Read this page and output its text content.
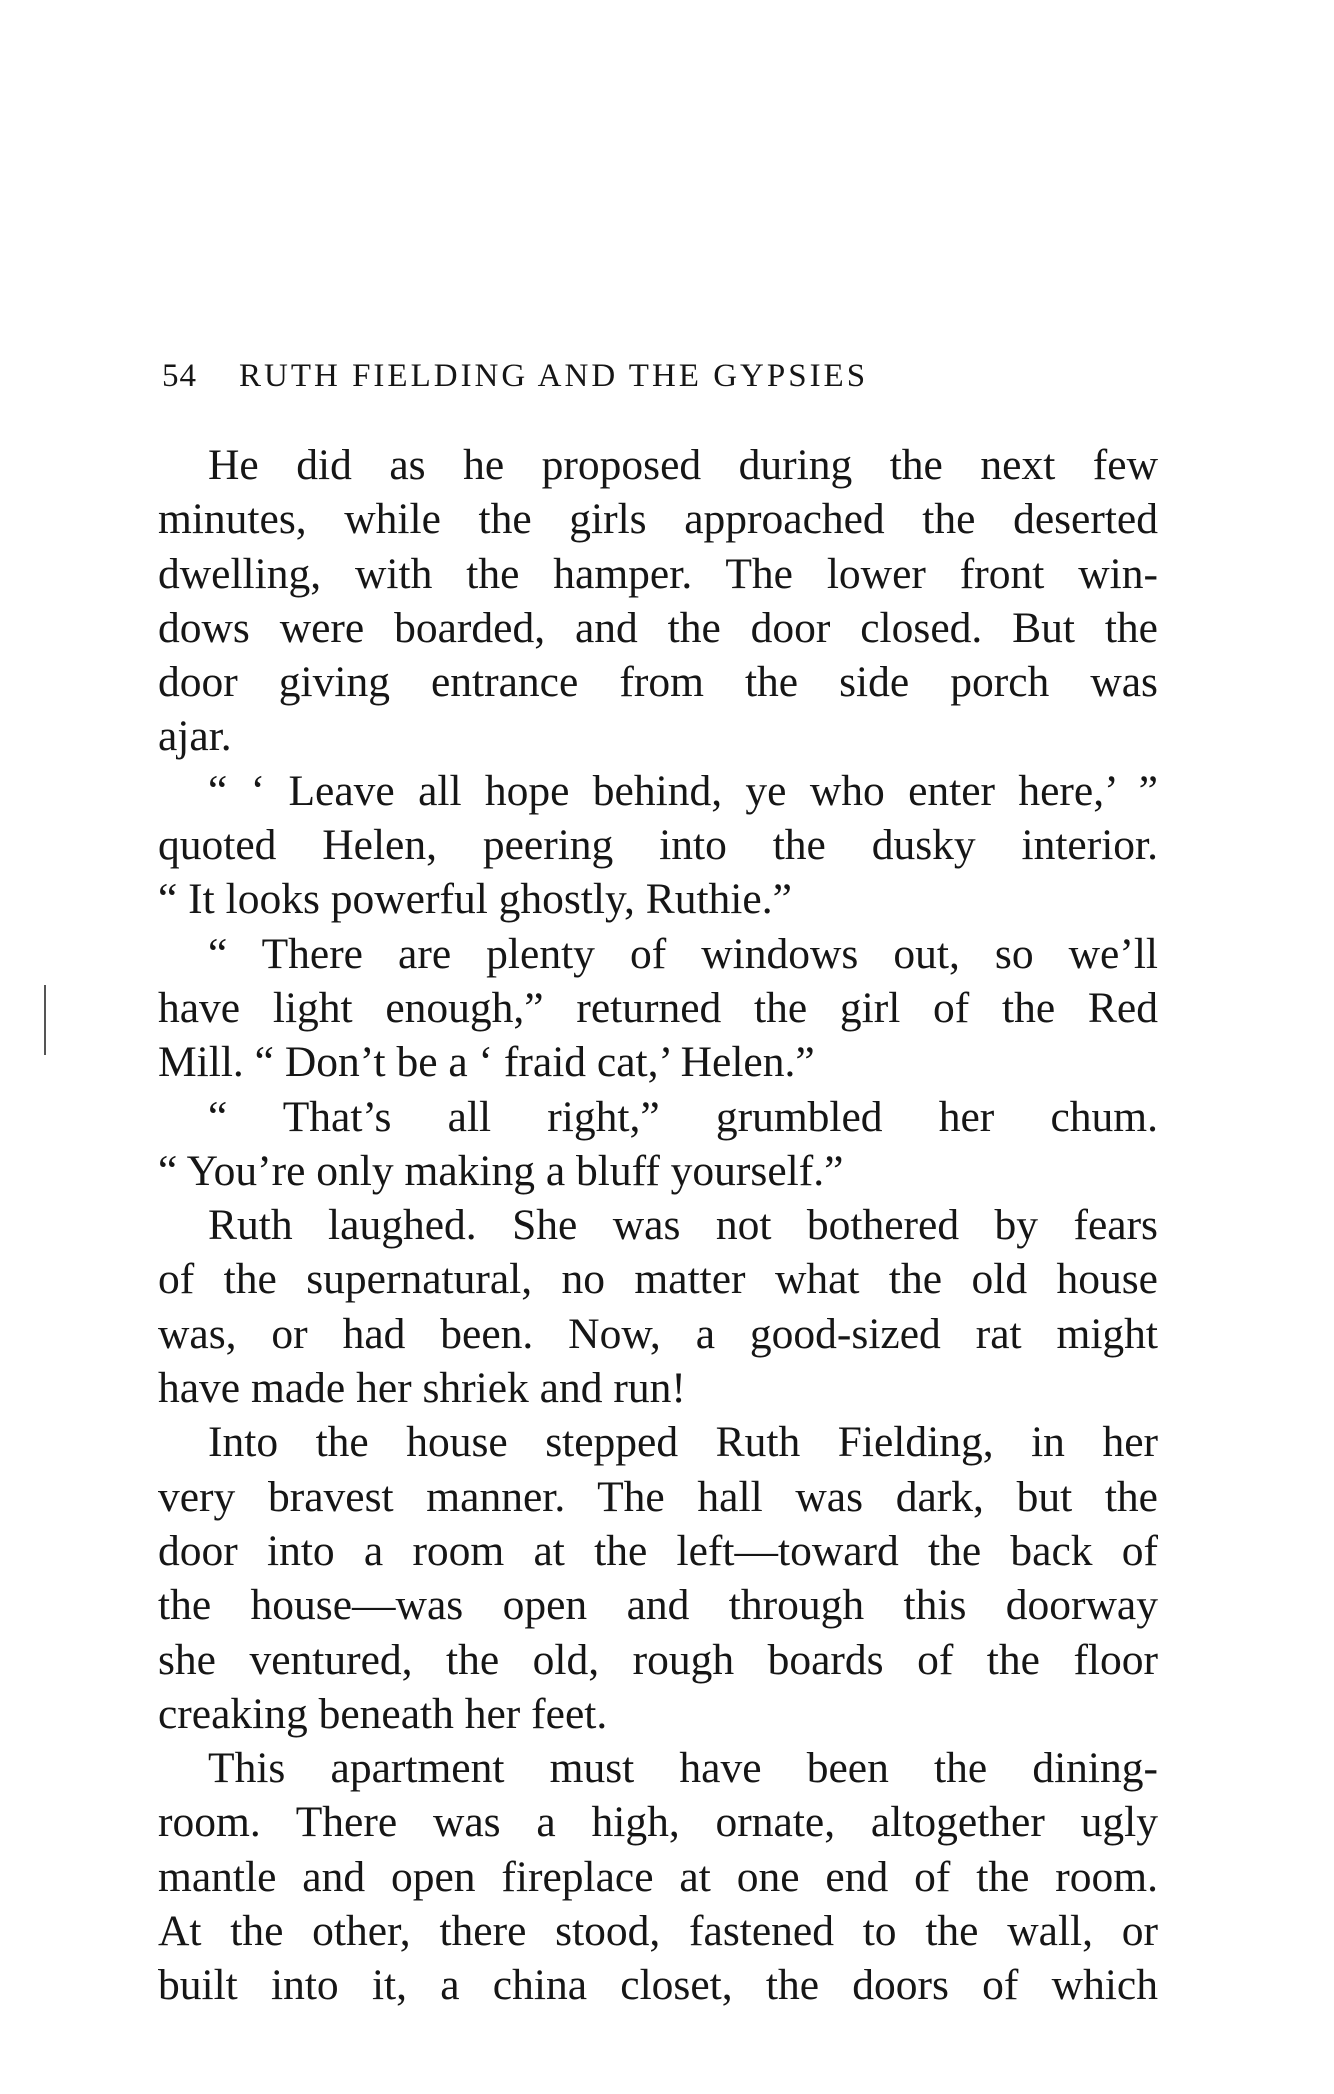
54 RUTH FIELDING AND THE GYPSIES
He did as he proposed during the next few
minutes, while the girls approached the deserted
dwelling, with the hamper. The lower front win-
dows were boarded, and the door closed. But the
door giving entrance from the side porch was
ajar.
“ ‘ Leave all hope behind, ye who enter here,’ ”
quoted Helen, peering into the dusky interior.
“ It looks powerful ghostly, Ruthie.”
“ There are plenty of windows out, so we’ll
have light enough,” returned the girl of the Red
Mill. “ Don’t be a ‘ fraid cat,’ Helen.”
“ That’s all right,” grumbled her chum.
“ You’re only making a bluff yourself.”
Ruth laughed. She was not bothered by fears
of the supernatural, no matter what the old house
was, or had been. Now, a good-sized rat might
have made her shriek and run!
Into the house stepped Ruth Fielding, in her
very bravest manner. The hall was dark, but the
door into a room at the left—toward the back of
the house—was open and through this doorway
she ventured, the old, rough boards of the floor
creaking beneath her feet.
This apartment must have been the dining-
room. There was a high, ornate, altogether ugly
mantle and open fireplace at one end of the room.
At the other, there stood, fastened to the wall, or
built into it, a china closet, the doors of which
